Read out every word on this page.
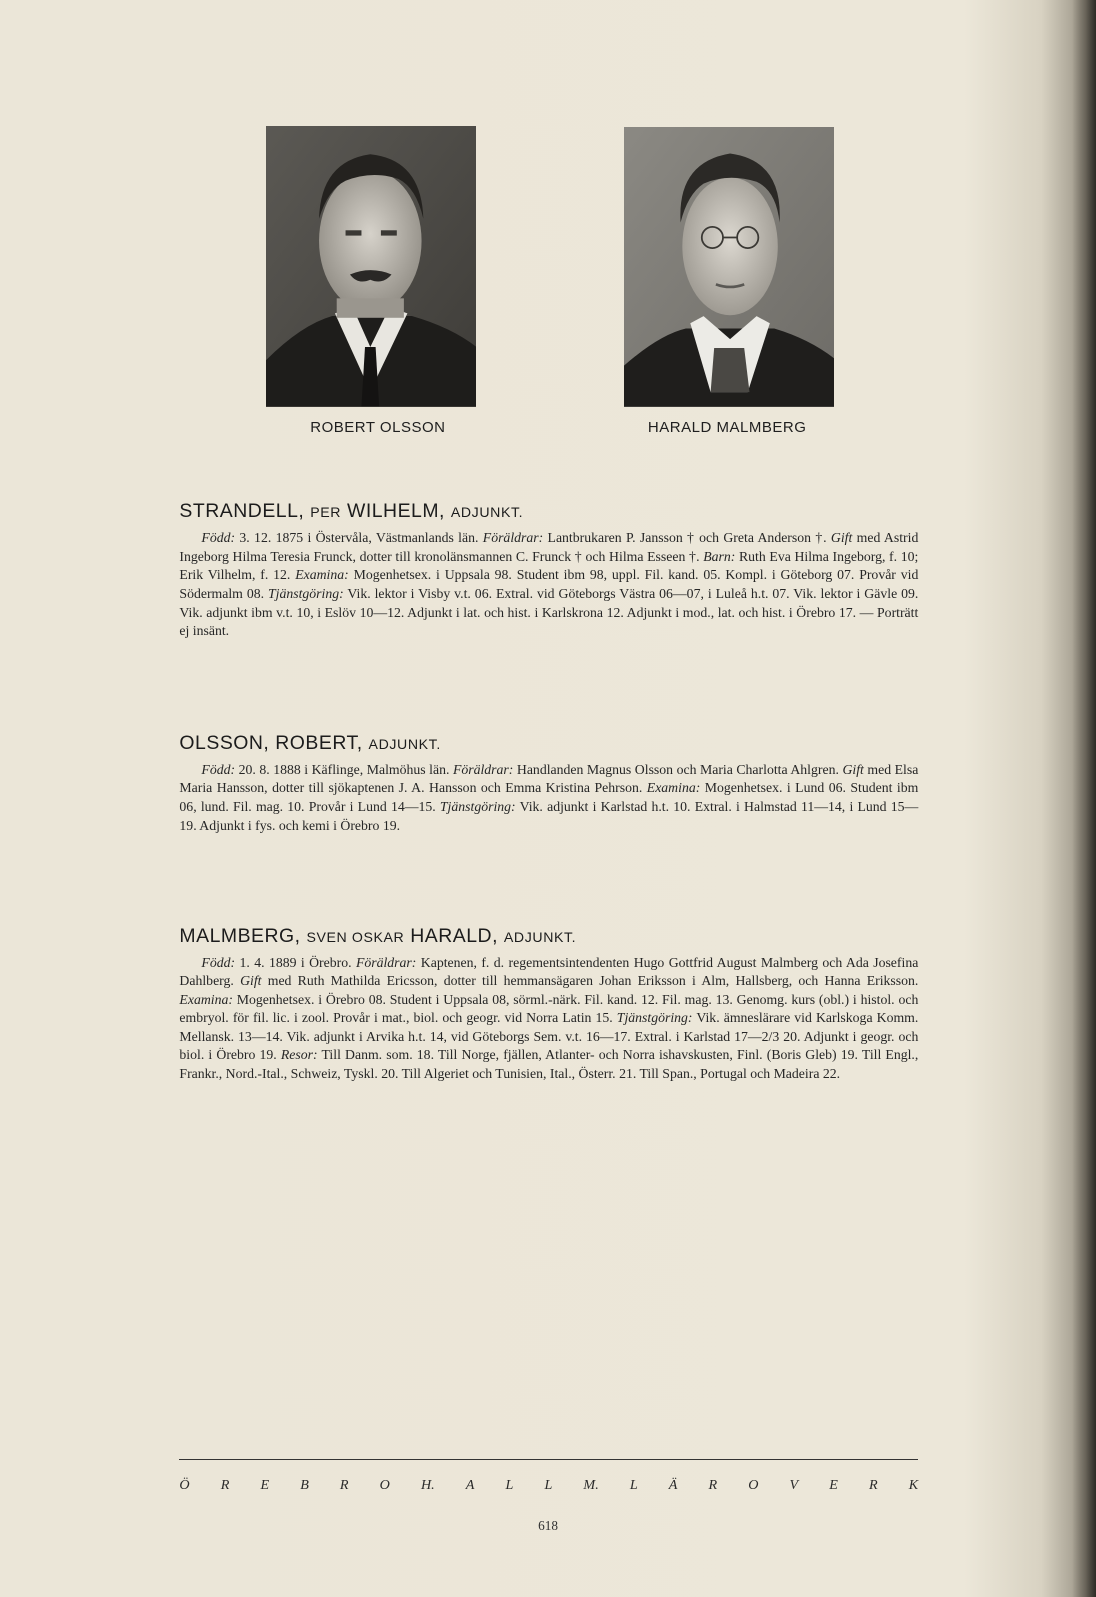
ROBERT OLSSON	HARALD MALMBERG
STRANDELL, PER WILHELM, ADJUNKT.
Född: 3. 12. 1875 i Östervåla, Västmanlands län. Föräldrar: Lantbrukaren P. Jansson † och Greta Anderson †. Gift med Astrid Ingeborg Hilma Teresia Frunck, dotter till kronolänsmannen C. Frunck † och Hilma Esseen †. Barn: Ruth Eva Hilma Ingeborg, f. 10; Erik Vilhelm, f. 12. Examina: Mogenhetsex. i Uppsala 98. Student ibm 98, uppl. Fil. kand. 05. Kompl. i Göteborg 07. Provår vid Södermalm 08. Tjänstgöring: Vik. lektor i Visby v.t. 06. Extral. vid Göteborgs Västra 06—07, i Luleå h.t. 07. Vik. lektor i Gävle 09. Vik. adjunkt ibm v.t. 10, i Eslöv 10—12. Adjunkt i lat. och hist. i Karlskrona 12. Adjunkt i mod., lat. och hist. i Örebro 17. — Porträtt ej insänt.
OLSSON, ROBERT, ADJUNKT.
Född: 20. 8. 1888 i Käflinge, Malmöhus län. Föräldrar: Handlanden Magnus Olsson och Maria Charlotta Ahlgren. Gift med Elsa Maria Hansson, dotter till sjökaptenen J. A. Hansson och Emma Kristina Pehrson. Examina: Mogenhetsex. i Lund 06. Student ibm 06, lund. Fil. mag. 10. Provår i Lund 14—15. Tjänstgöring: Vik. adjunkt i Karlstad h.t. 10. Extral. i Halmstad 11—14, i Lund 15—19. Adjunkt i fys. och kemi i Örebro 19.
MALMBERG, SVEN OSKAR HARALD, ADJUNKT.
Född: 1. 4. 1889 i Örebro. Föräldrar: Kaptenen, f. d. regementsintendenten Hugo Gottfrid August Malmberg och Ada Josefina Dahlberg. Gift med Ruth Mathilda Ericsson, dotter till hemmansägaren Johan Eriksson i Alm, Hallsberg, och Hanna Eriksson. Examina: Mogenhetsex. i Örebro 08. Student i Uppsala 08, sörml.-närk. Fil. kand. 12. Fil. mag. 13. Genomg. kurs (obl.) i histol. och embryol. för fil. lic. i zool. Provår i mat., biol. och geogr. vid Norra Latin 15. Tjänstgöring: Vik. ämneslärare vid Karlskoga Komm. Mellansk. 13—14. Vik. adjunkt i Arvika h.t. 14, vid Göteborgs Sem. v.t. 16—17. Extral. i Karlstad 17—2/3 20. Adjunkt i geogr. och biol. i Örebro 19. Resor: Till Danm. som. 18. Till Norge, fjällen, Atlanter- och Norra ishavskusten, Finl. (Boris Gleb) 19. Till Engl., Frankr., Nord.-Ital., Schweiz, Tyskl. 20. Till Algeriet och Tunisien, Ital., Österr. 21. Till Span., Portugal och Madeira 22.
Ö R E B R O H. A L L M. L Ä R O V E R K
618
